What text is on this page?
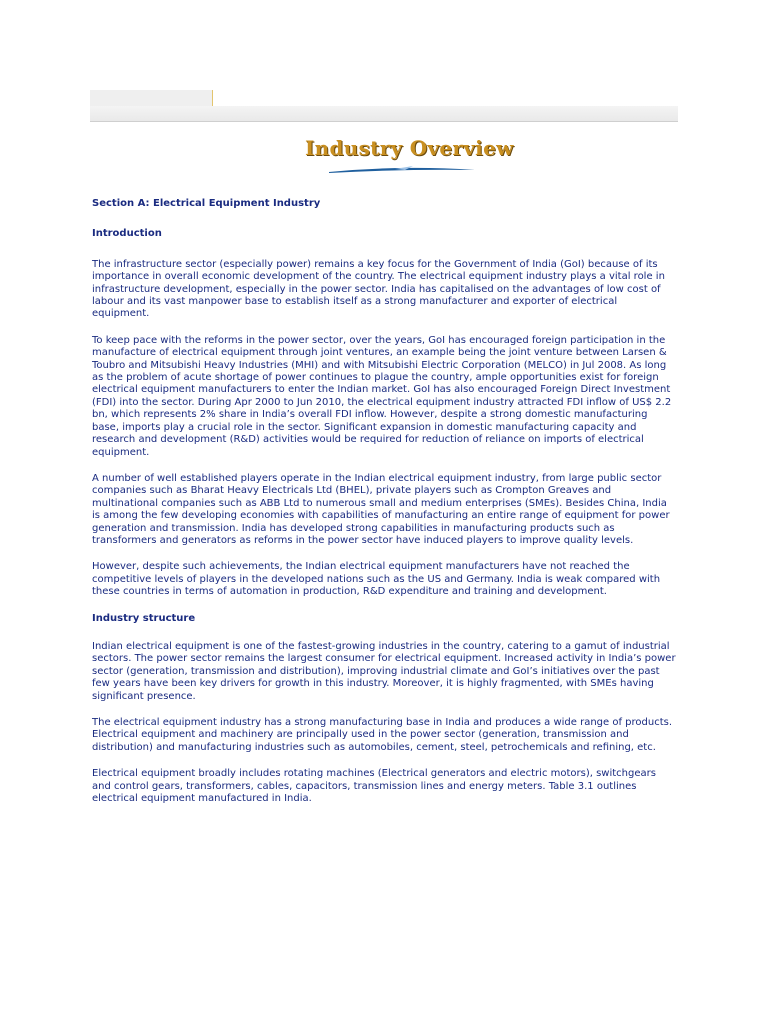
Industry Overview
Section A: Electrical Equipment Industry
Introduction

The infrastructure sector (especially power) remains a key focus for the Government of India (GoI) because of its importance in overall economic development of the country. The electrical equipment industry plays a vital role in infrastructure development, especially in the power sector. India has capitalised on the advantages of low cost of labour and its vast manpower base to establish itself as a strong manufacturer and exporter of electrical equipment.

To keep pace with the reforms in the power sector, over the years, GoI has encouraged foreign participation in the manufacture of electrical equipment through joint ventures, an example being the joint venture between Larsen & Toubro and Mitsubishi Heavy Industries (MHI) and with Mitsubishi Electric Corporation (MELCO) in Jul 2008. As long as the problem of acute shortage of power continues to plague the country, ample opportunities exist for foreign electrical equipment manufacturers to enter the Indian market. GoI has also encouraged Foreign Direct Investment (FDI) into the sector. During Apr 2000 to Jun 2010, the electrical equipment industry attracted FDI inflow of US$ 2.2 bn, which represents 2% share in India’s overall FDI inflow. However, despite a strong domestic manufacturing base, imports play a crucial role in the sector. Significant expansion in domestic manufacturing capacity and research and development (R&D) activities would be required for reduction of reliance on imports of electrical equipment.

A number of well established players operate in the Indian electrical equipment industry, from large public sector companies such as Bharat Heavy Electricals Ltd (BHEL), private players such as Crompton Greaves and multinational companies such as ABB Ltd to numerous small and medium enterprises (SMEs). Besides China, India is among the few developing economies with capabilities of manufacturing an entire range of equipment for power generation and transmission. India has developed strong capabilities in manufacturing products such as transformers and generators as reforms in the power sector have induced players to improve quality levels.

However, despite such achievements, the Indian electrical equipment manufacturers have not reached the competitive levels of players in the developed nations such as the US and Germany. India is weak compared with these countries in terms of automation in production, R&D expenditure and training and development.

Industry structure

Indian electrical equipment is one of the fastest-growing industries in the country, catering to a gamut of industrial sectors. The power sector remains the largest consumer for electrical equipment. Increased activity in India’s power sector (generation, transmission and distribution), improving industrial climate and GoI’s initiatives over the past few years have been key drivers for growth in this industry. Moreover, it is highly fragmented, with SMEs having significant presence.

The electrical equipment industry has a strong manufacturing base in India and produces a wide range of products. Electrical equipment and machinery are principally used in the power sector (generation, transmission and distribution) and manufacturing industries such as automobiles, cement, steel, petrochemicals and refining, etc.

Electrical equipment broadly includes rotating machines (Electrical generators and electric motors), switchgears and control gears, transformers, cables, capacitors, transmission lines and energy meters. Table 3.1 outlines electrical equipment manufactured in India.
